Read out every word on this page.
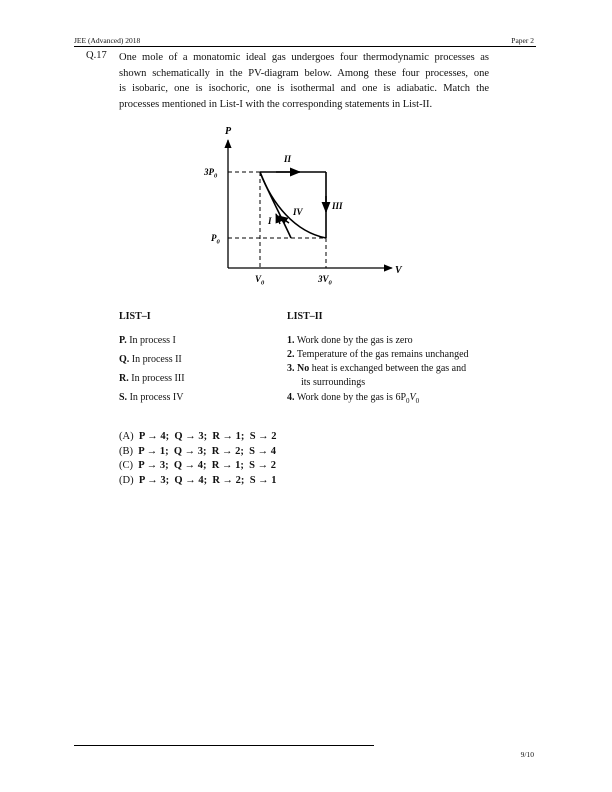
JEE (Advanced) 2018	Paper 2
Q.17 One mole of a monatomic ideal gas undergoes four thermodynamic processes as
shown schematically in the PV-diagram below. Among these four processes, one
is isobaric, one is isochoric, one is isothermal and one is adiabatic. Match the
processes mentioned in List-I with the corresponding statements in List-II.
P
V
$3P_0$
$P_0$
$V_0$	$3V_0$
II
III
IV
I
LIST–I
P. In process I
Q. In process II
R. In process III
S. In process IV
LIST–II
1. Work done by the gas is zero
2. Temperature of the gas remains unchanged
3. No heat is exchanged between the gas and
its surroundings
4. Work done by the gas is $6P_0V_0$
(A) P → 4; Q → 3; R → 1; S → 2
(B) P → 1; Q → 3; R → 2; S → 4
(C) P → 3; Q → 4; R → 1; S → 2
(D) P → 3; Q → 4; R → 2; S → 1
9/10
